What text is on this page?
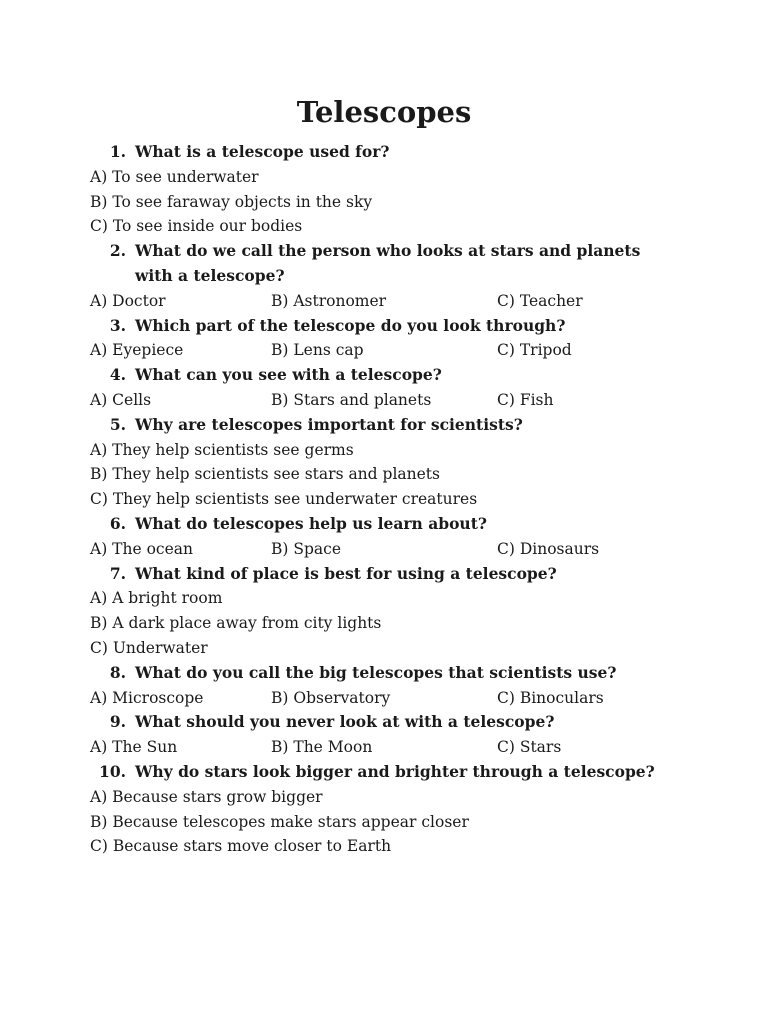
Telescopes
1. What is a telescope used for?
A) To see underwater
B) To see faraway objects in the sky
C) To see inside our bodies
2. What do we call the person who looks at stars and planets with a telescope?
A) Doctor	B) Astronomer	C) Teacher
3. Which part of the telescope do you look through?
A) Eyepiece	B) Lens cap	C) Tripod
4. What can you see with a telescope?
A) Cells	B) Stars and planets	C) Fish
5. Why are telescopes important for scientists?
A) They help scientists see germs
B) They help scientists see stars and planets
C) They help scientists see underwater creatures
6. What do telescopes help us learn about?
A) The ocean	B) Space	C) Dinosaurs
7. What kind of place is best for using a telescope?
A) A bright room
B) A dark place away from city lights
C) Underwater
8. What do you call the big telescopes that scientists use?
A) Microscope	B) Observatory	C) Binoculars
9. What should you never look at with a telescope?
A) The Sun	B) The Moon	C) Stars
10. Why do stars look bigger and brighter through a telescope?
A) Because stars grow bigger
B) Because telescopes make stars appear closer
C) Because stars move closer to Earth
